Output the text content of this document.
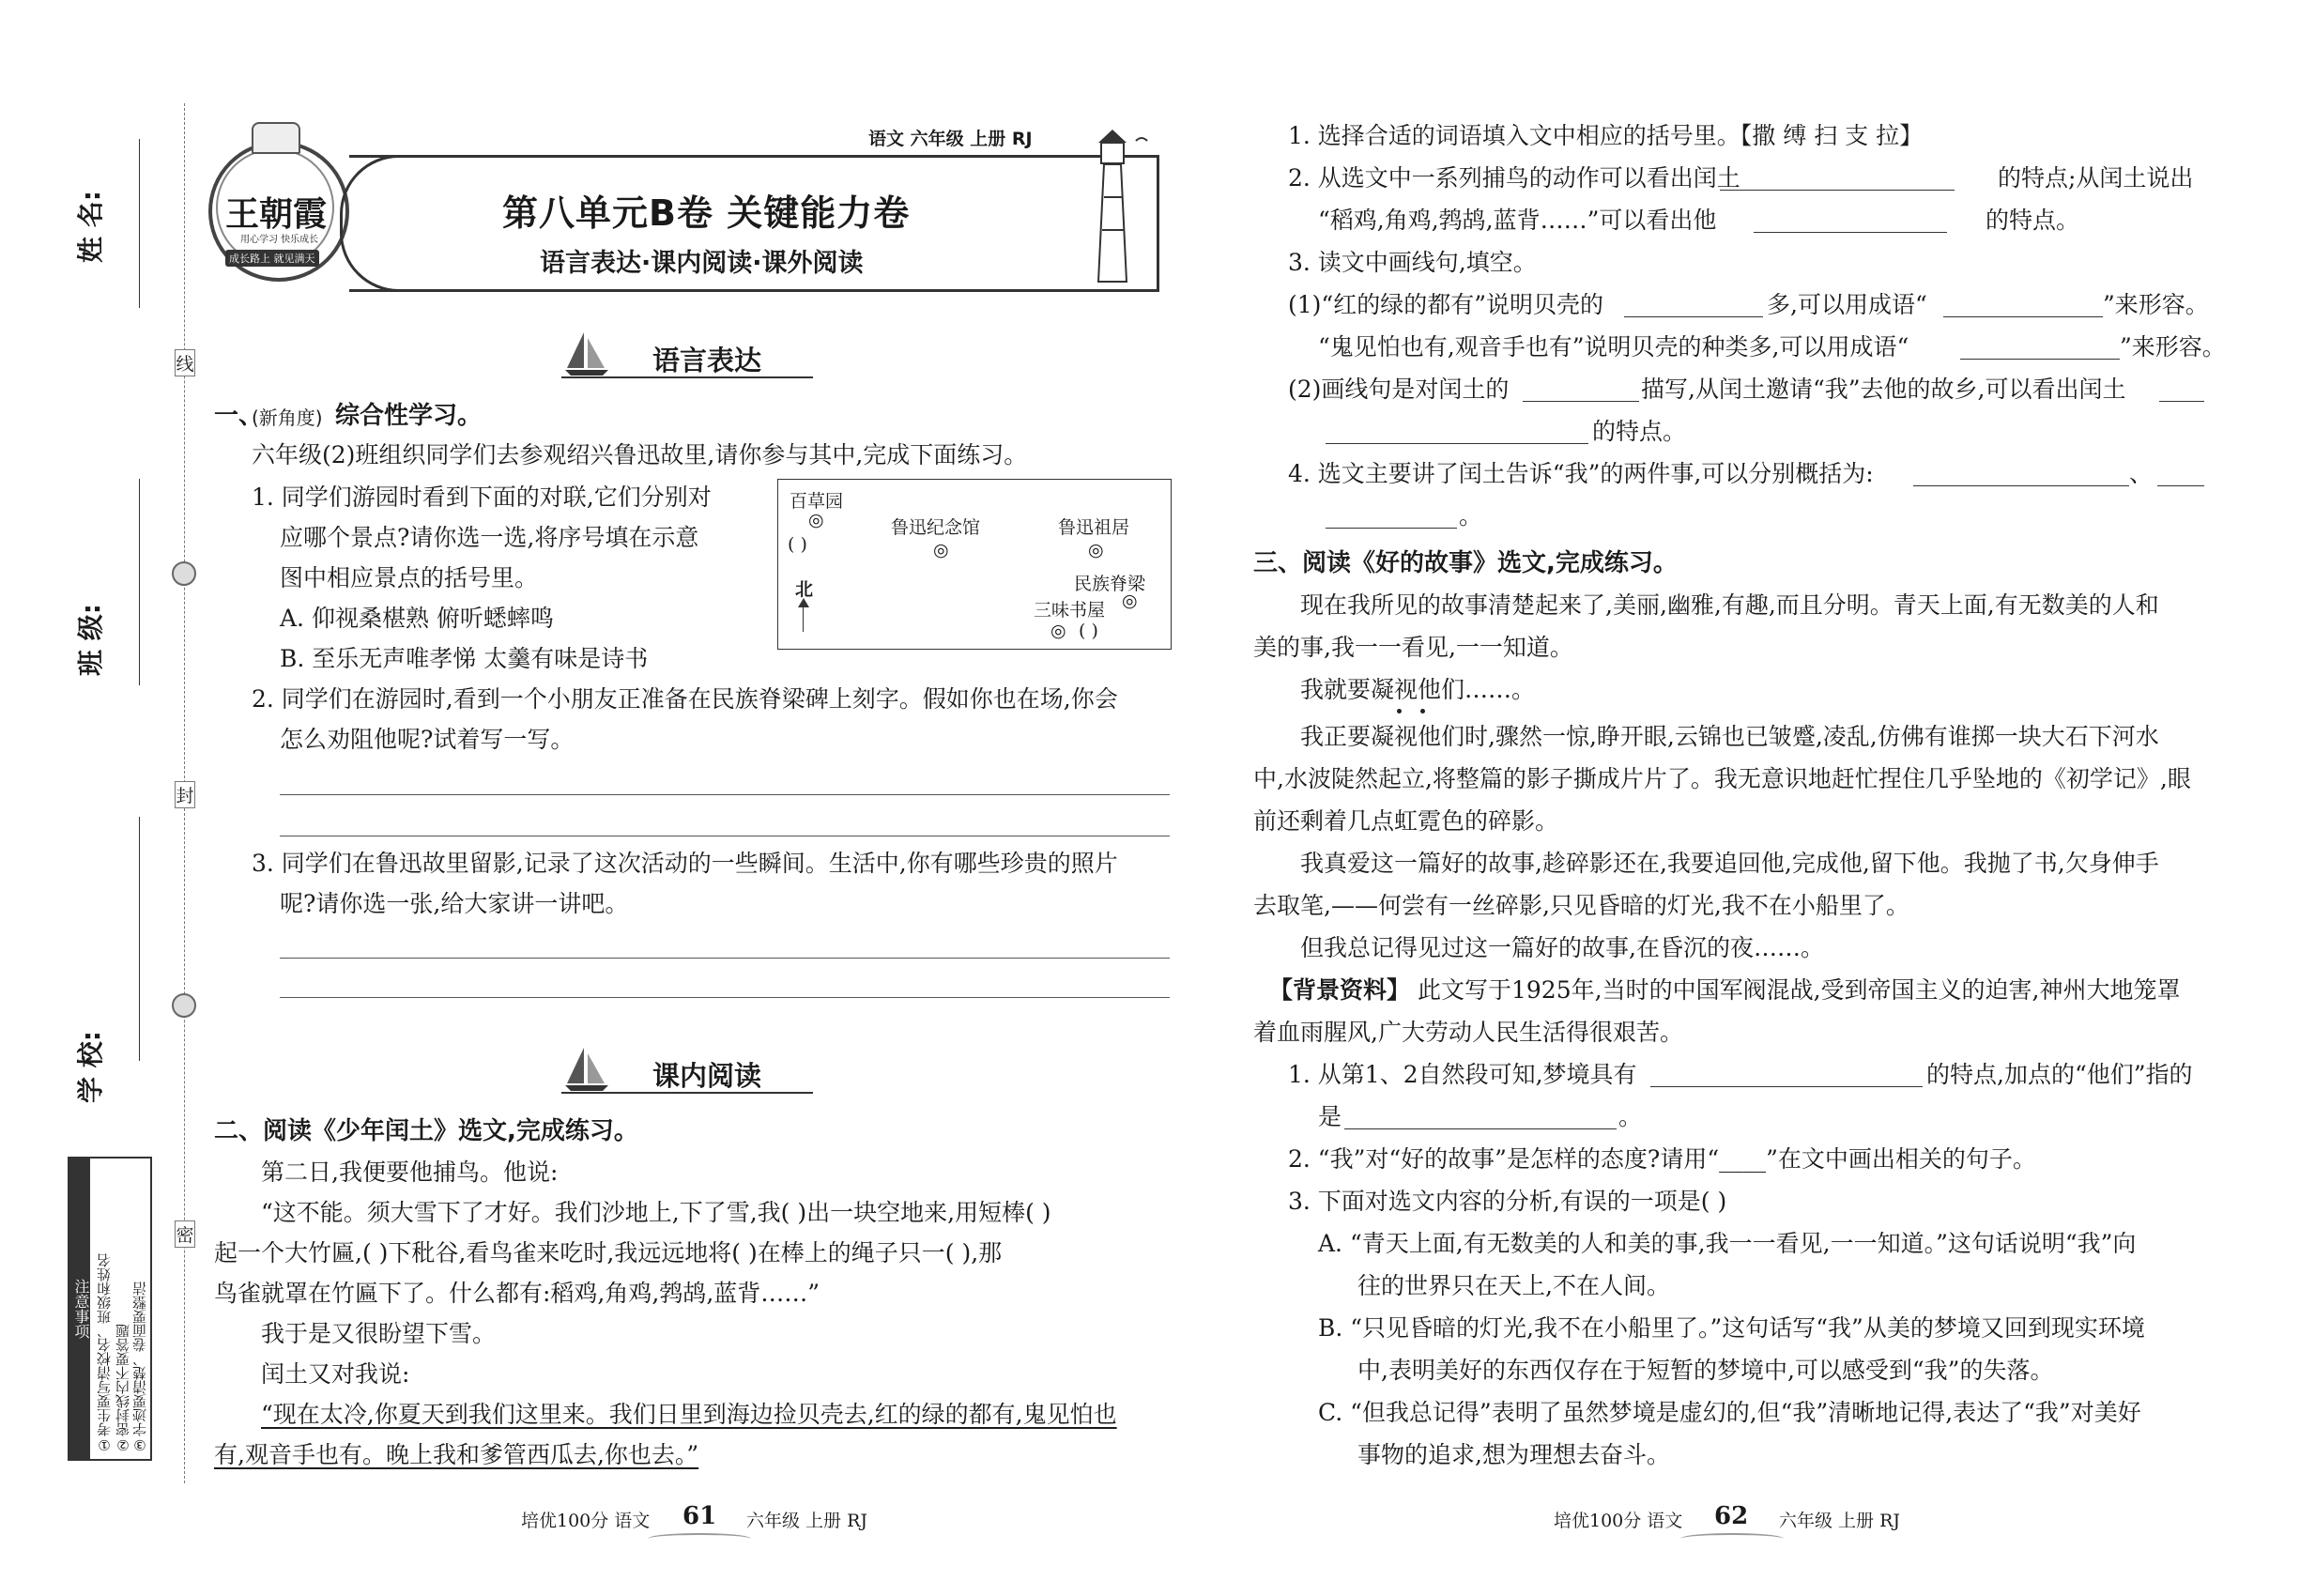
姓 名:
班 级:
学 校:
线
封
密
注意事项 ①考生要写清校名、班级和姓名 ②密封线内不要答题 ③字迹要清楚、卷面要整洁
王朝霞
用心学习 快乐成长
成长路上 就见满天
语文 六年级 上册 RJ
第八单元B卷 关键能力卷
语言表达·课内阅读·课外阅读
语言表达
一、
(新角度) 综合性学习。
六年级(2)班组织同学们去参观绍兴鲁迅故里,请你参与其中,完成下面练习。
1. 同学们游园时看到下面的对联,它们分别对
应哪个景点?请你选一选,将序号填在示意
图中相应景点的括号里。
A. 仰视桑椹熟 俯听蟋蟀鸣
B. 至乐无声唯孝悌 太羹有味是诗书
百草园
◎
( )
鲁迅纪念馆
◎
鲁迅祖居
◎
民族脊梁
◎
三味书屋
◎ ( )
北
2. 同学们在游园时,看到一个小朋友正准备在民族脊梁碑上刻字。假如你也在场,你会
怎么劝阻他呢?试着写一写。
3. 同学们在鲁迅故里留影,记录了这次活动的一些瞬间。生活中,你有哪些珍贵的照片
呢?请你选一张,给大家讲一讲吧。
课内阅读
二、阅读《少年闰土》选文,完成练习。
第二日,我便要他捕鸟。他说:
“这不能。须大雪下了才好。我们沙地上,下了雪,我( )出一块空地来,用短棒( )
起一个大竹匾,( )下秕谷,看鸟雀来吃时,我远远地将( )在棒上的绳子只一( ),那
鸟雀就罩在竹匾下了。什么都有:稻鸡,角鸡,鹁鸪,蓝背……”
我于是又很盼望下雪。
闰土又对我说:
“现在太冷,你夏天到我们这里来。我们日里到海边捡贝壳去,红的绿的都有,鬼见怕也
有,观音手也有。晚上我和爹管西瓜去,你也去。”
培优100分 语文 61 六年级 上册 RJ
1. 选择合适的词语填入文中相应的括号里。【撒 缚 扫 支 拉】
2. 从选文中一系列捕鸟的动作可以看出闰土	的特点;从闰土说出
“稻鸡,角鸡,鹁鸪,蓝背……”可以看出他	的特点。
3. 读文中画线句,填空。
(1)“红的绿的都有”说明贝壳的	多,可以用成语“	”来形容。
“鬼见怕也有,观音手也有”说明贝壳的种类多,可以用成语“	”来形容。
(2)画线句是对闰土的	描写,从闰土邀请“我”去他的故乡,可以看出闰土
的特点。
4. 选文主要讲了闰土告诉“我”的两件事,可以分别概括为:	、
。
三、阅读《好的故事》选文,完成练习。
现在我所见的故事清楚起来了,美丽,幽雅,有趣,而且分明。青天上面,有无数美的人和
美的事,我一一看见,一一知道。
我就要凝视他们……。
我正要凝视他们时,骤然一惊,睁开眼,云锦也已皱蹙,凌乱,仿佛有谁掷一块大石下河水
中,水波陡然起立,将整篇的影子撕成片片了。我无意识地赶忙捏住几乎坠地的《初学记》,眼
前还剩着几点虹霓色的碎影。
我真爱这一篇好的故事,趁碎影还在,我要追回他,完成他,留下他。我抛了书,欠身伸手
去取笔,——何尝有一丝碎影,只见昏暗的灯光,我不在小船里了。
但我总记得见过这一篇好的故事,在昏沉的夜……。
【背景资料】 此文写于1925年,当时的中国军阀混战,受到帝国主义的迫害,神州大地笼罩
着血雨腥风,广大劳动人民生活得很艰苦。
1. 从第1、2自然段可知,梦境具有	的特点,加点的“他们”指的
是	。
2. “我”对“好的故事”是怎样的态度?请用“____”在文中画出相关的句子。
3. 下面对选文内容的分析,有误的一项是( )
A. “青天上面,有无数美的人和美的事,我一一看见,一一知道。”这句话说明“我”向
往的世界只在天上,不在人间。
B. “只见昏暗的灯光,我不在小船里了。”这句话写“我”从美的梦境又回到现实环境
中,表明美好的东西仅存在于短暂的梦境中,可以感受到“我”的失落。
C. “但我总记得”表明了虽然梦境是虚幻的,但“我”清晰地记得,表达了“我”对美好
事物的追求,想为理想去奋斗。
培优100分 语文 62 六年级 上册 RJ
